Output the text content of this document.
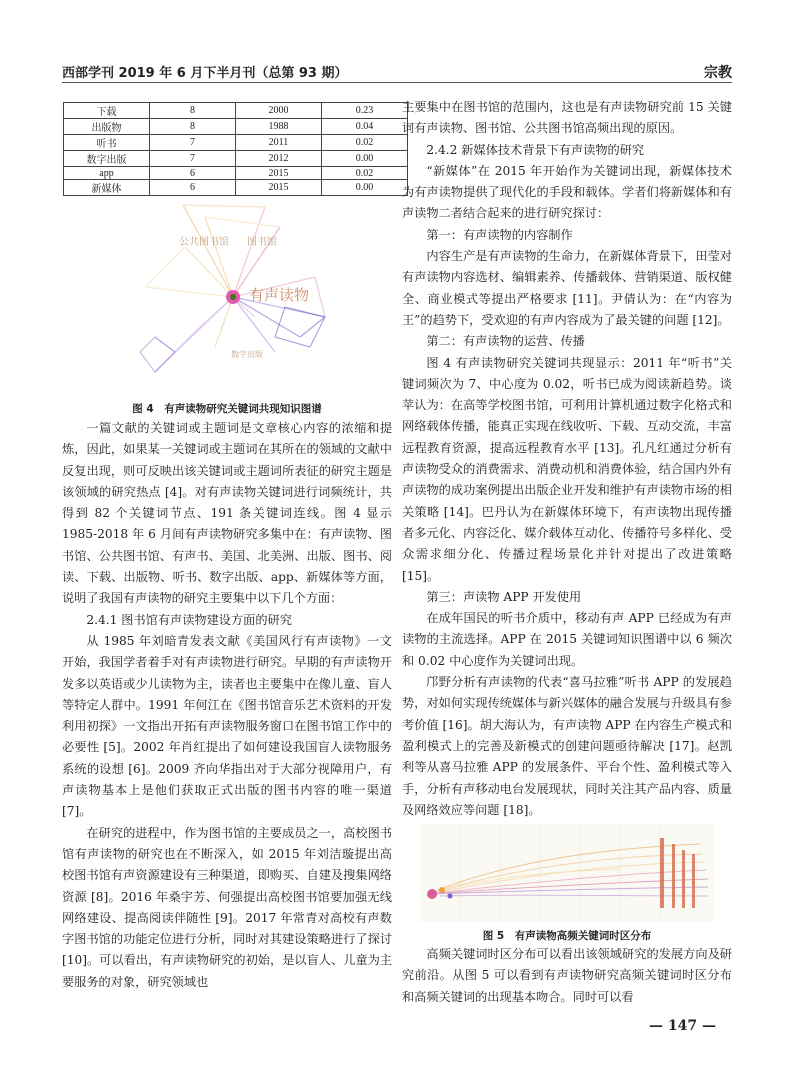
西部学刊 2019 年 6 月下半月刊（总第 93 期）	宗教
下载	8	2000	0.23
出版物	8	1988	0.04
听书	7	2011	0.02
数字出版	7	2012	0.00
app	6	2015	0.02
新媒体	6	2015	0.00
公共图书馆 图书馆
数字出版
有声读物
图 4　有声读物研究关键词共现知识图谱

一篇文献的关键词或主题词是文章核心内容的浓缩和提炼，因此，如果某一关键词或主题词在其所在的领域的文献中反复出现，则可反映出该关键词或主题词所表征的研究主题是该领域的研究热点 [4]。对有声读物关键词进行词频统计，共得到 82 个关键词节点、191 条关键词连线。图 4 显示 1985-2018 年 6 月间有声读物研究多集中在：有声读物、图书馆、公共图书馆、有声书、美国、北美洲、出版、图书、阅读、下载、出版物、听书、数字出版、app、新媒体等方面，说明了我国有声读物的研究主要集中以下几个方面：

2.4.1 图书馆有声读物建设方面的研究

从 1985 年刘暗青发表文献《美国风行有声读物》一文开始，我国学者着手对有声读物进行研究。早期的有声读物开发多以英语或少儿读物为主，读者也主要集中在像儿童、盲人等特定人群中。1991 年何江在《图书馆音乐艺术资料的开发利用初探》一文指出开拓有声读物服务窗口在图书馆工作中的必要性 [5]。2002 年肖红提出了如何建设我国盲人读物服务系统的设想 [6]。2009 齐向华指出对于大部分视障用户，有声读物基本上是他们获取正式出版的图书内容的唯一渠道 [7]。

在研究的进程中，作为图书馆的主要成员之一，高校图书馆有声读物的研究也在不断深入，如 2015 年刘洁璇提出高校图书馆有声资源建设有三种渠道，即购买、自建及搜集网络资源 [8]。2016 年桑宇芳、何强提出高校图书馆要加强无线网络建设、提高阅读伴随性 [9]。2017 年常青对高校有声数字图书馆的功能定位进行分析，同时对其建设策略进行了探讨 [10]。可以看出，有声读物研究的初始，是以盲人、儿童为主要服务的对象，研究领域也

主要集中在图书馆的范围内，这也是有声读物研究前 15 关键词有声读物、图书馆、公共图书馆高频出现的原因。

2.4.2 新媒体技术背景下有声读物的研究

“新媒体”在 2015 年开始作为关键词出现，新媒体技术为有声读物提供了现代化的手段和载体。学者们将新媒体和有声读物二者结合起来的进行研究探讨：

第一：有声读物的内容制作

内容生产是有声读物的生命力，在新媒体背景下，田莹对有声读物内容选材、编辑素养、传播载体、营销渠道、版权健全、商业模式等提出严格要求 [11]。尹倩认为：在“内容为王”的趋势下，受欢迎的有声内容成为了最关键的问题 [12]。

第二：有声读物的运营、传播

图 4 有声读物研究关键词共现显示：2011 年“听书”关键词频次为 7、中心度为 0.02，听书已成为阅读新趋势。谈苹认为：在高等学校图书馆，可利用计算机通过数字化格式和网络载体传播，能真正实现在线收听、下载、互动交流，丰富远程教育资源，提高远程教育水平 [13]。孔凡红通过分析有声读物受众的消费需求、消费动机和消费体验，结合国内外有声读物的成功案例提出出版企业开发和维护有声读物市场的相关策略 [14]。巴丹认为在新媒体环境下，有声读物出现传播者多元化、内容泛化、媒介载体互动化、传播符号多样化、受众需求细分化、传播过程场景化并针对提出了改进策略 [15]。

第三：声读物 APP 开发使用

在成年国民的听书介质中，移动有声 APP 已经成为有声读物的主流选择。APP 在 2015 关键词知识图谱中以 6 频次和 0.02 中心度作为关键词出现。

邝野分析有声读物的代表“喜马拉雅”听书 APP 的发展趋势，对如何实现传统媒体与新兴媒体的融合发展与升级具有参考价值 [16]。胡大海认为，有声读物 APP 在内容生产模式和盈利模式上的完善及新模式的创建问题亟待解决 [17]。赵凯利等从喜马拉雅 APP 的发展条件、平台个性、盈利模式等入手，分析有声移动电台发展现状，同时关注其产品内容、质量及网络效应等问题 [18]。

图 5　有声读物高频关键词时区分布

高频关键词时区分布可以看出该领域研究的发展方向及研究前沿。从图 5 可以看到有声读物研究高频关键词时区分布和高频关键词的出现基本吻合。同时可以看

— 147 —
